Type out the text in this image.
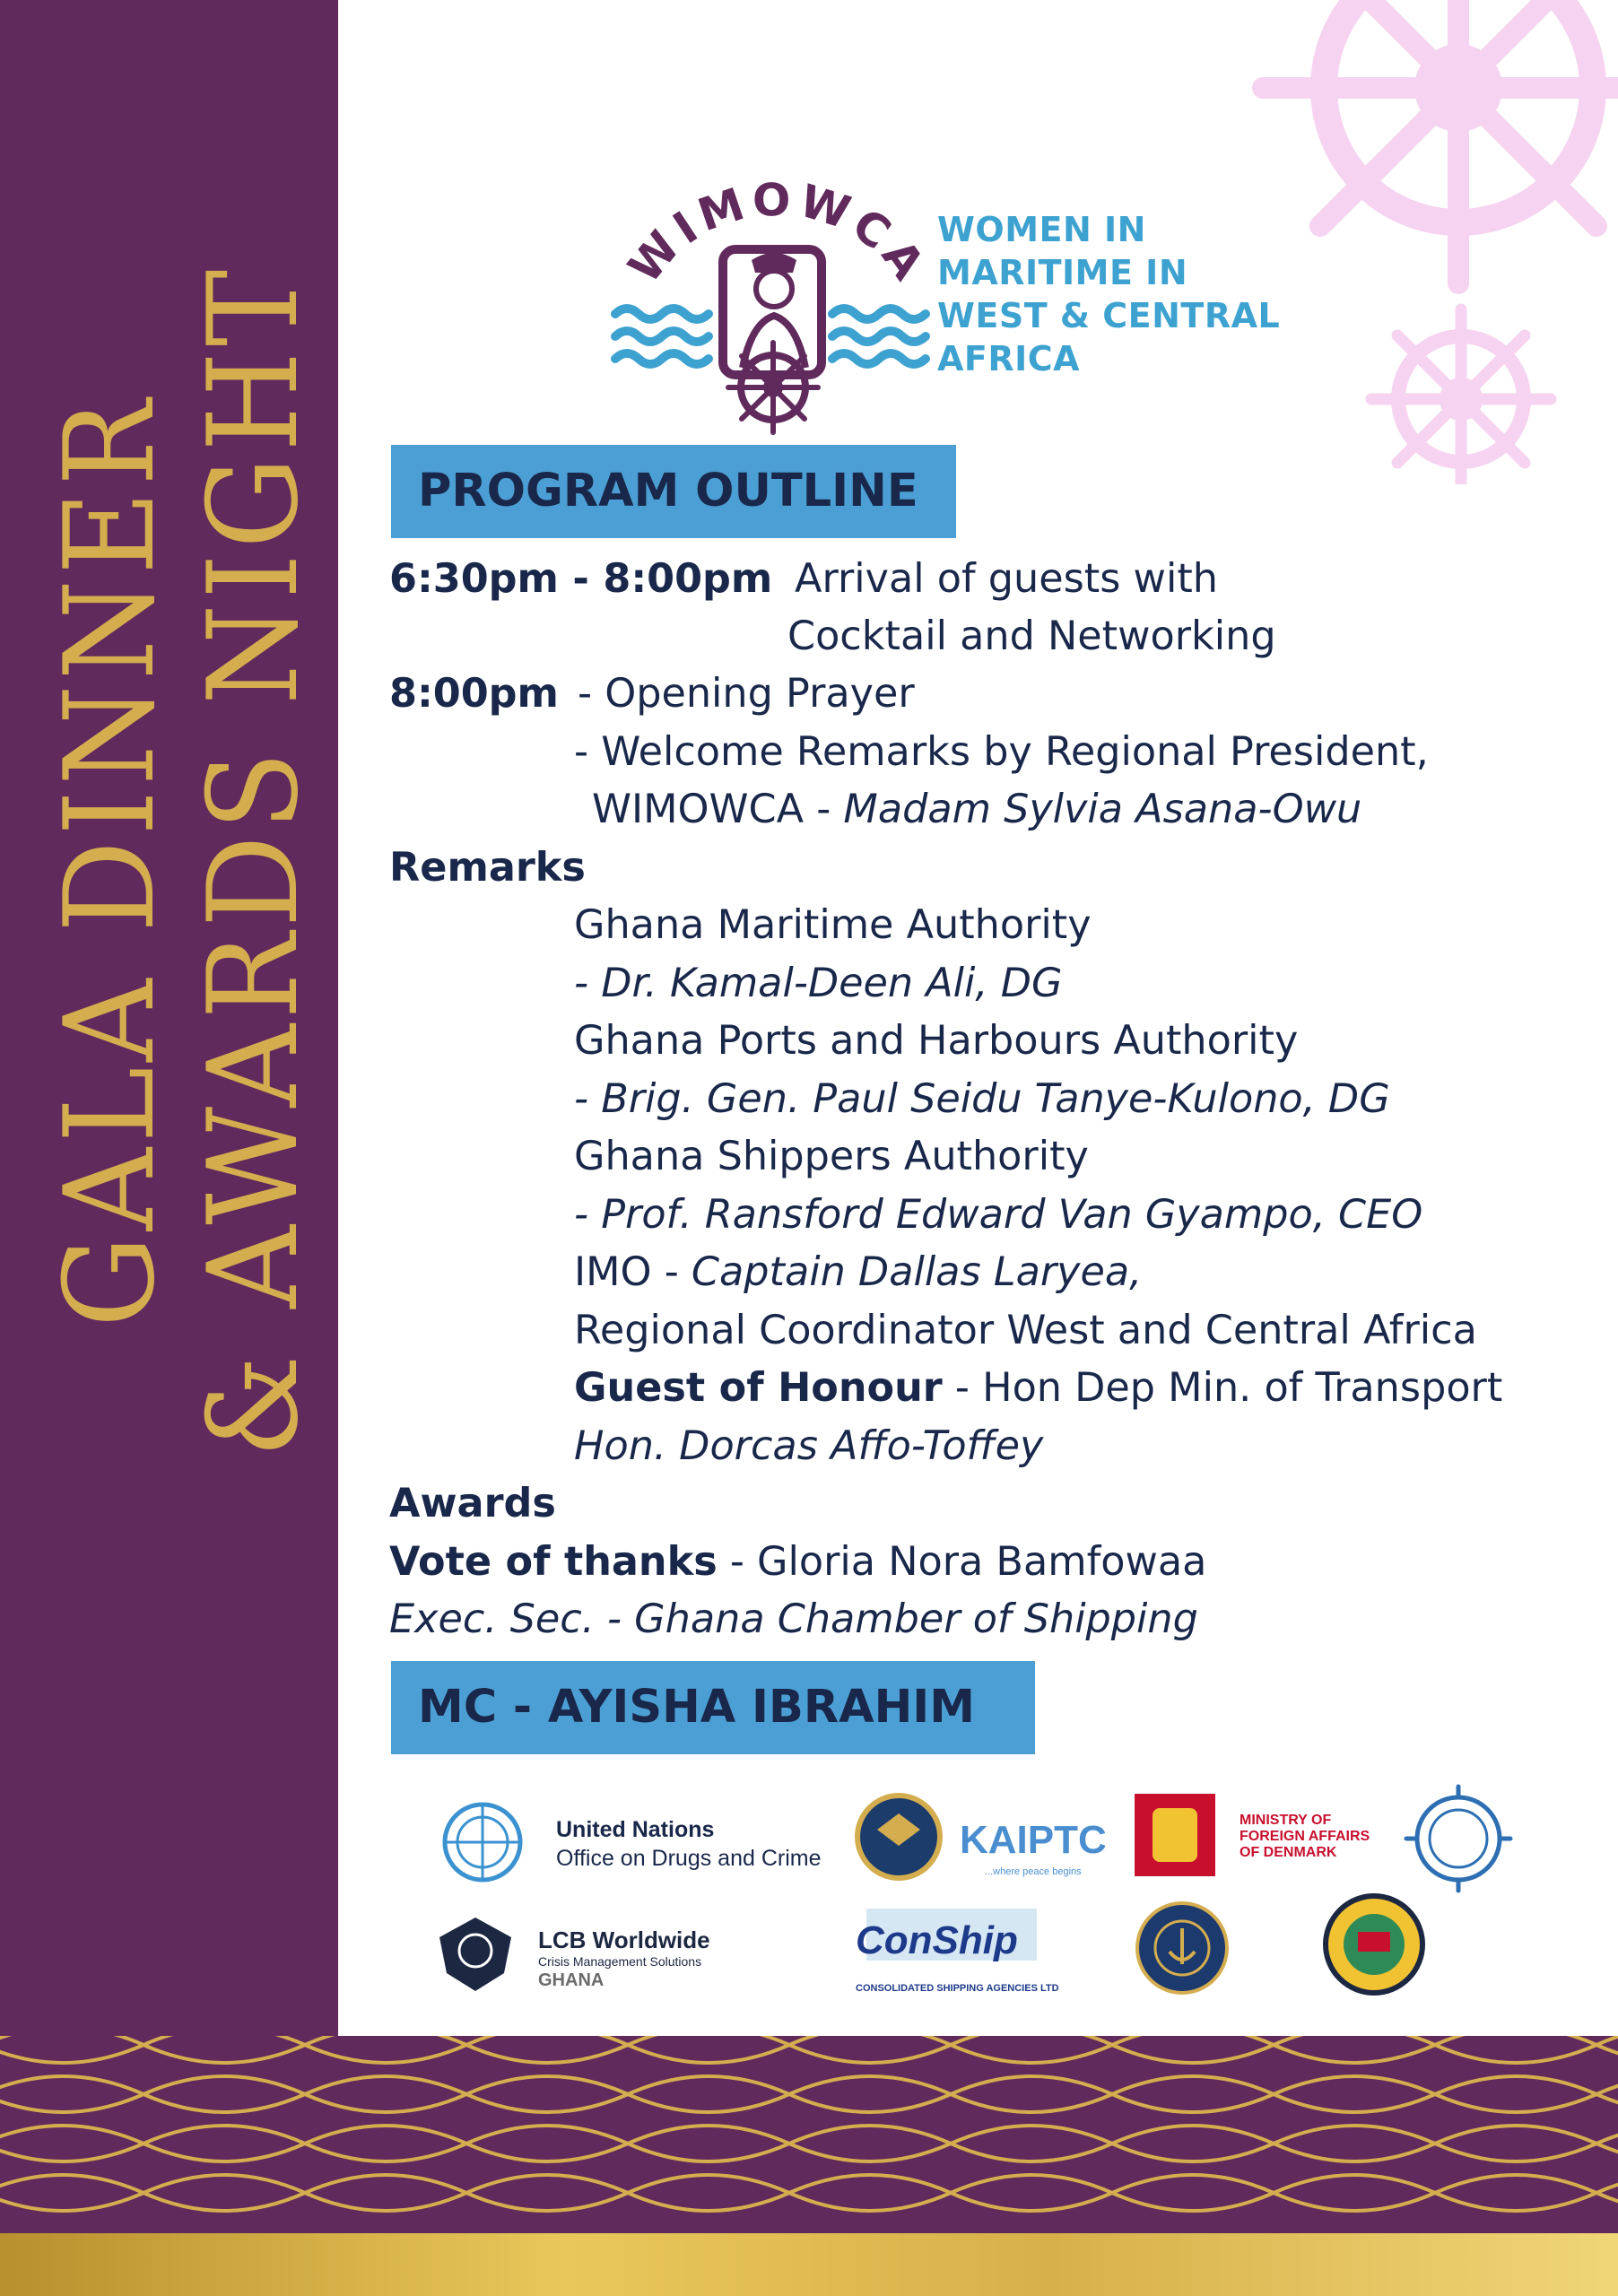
GALA DINNER & AWARDS NIGHT	WIMOWCA
WOMEN IN
MARITIME IN
WEST & CENTRAL
AFRICA
PROGRAM OUTLINE
6:30pm - 8:00pm Arrival of guests with
Cocktail and Networking
8:00pm - Opening Prayer
- Welcome Remarks by Regional President,
WIMOWCA - Madam Sylvia Asana-Owu
Remarks
Ghana Maritime Authority
- Dr. Kamal-Deen Ali, DG
Ghana Ports and Harbours Authority
- Brig. Gen. Paul Seidu Tanye-Kulono, DG
Ghana Shippers Authority
- Prof. Ransford Edward Van Gyampo, CEO
IMO - Captain Dallas Laryea,
Regional Coordinator West and Central Africa
Guest of Honour - Hon Dep Min. of Transport
Hon. Dorcas Affo-Toffey
Awards
Vote of thanks - Gloria Nora Bamfowaa
Exec. Sec. - Ghana Chamber of Shipping
MC - AYISHA IBRAHIM
United Nations
Office on Drugs and Crime	KAIPTC
...where peace begins
MINISTRY OF
FOREIGN AFFAIRS
OF DENMARK
LCB Worldwide
Crisis Management Solutions
GHANA
ConShip
CONSOLIDATED SHIPPING AGENCIES LTD
